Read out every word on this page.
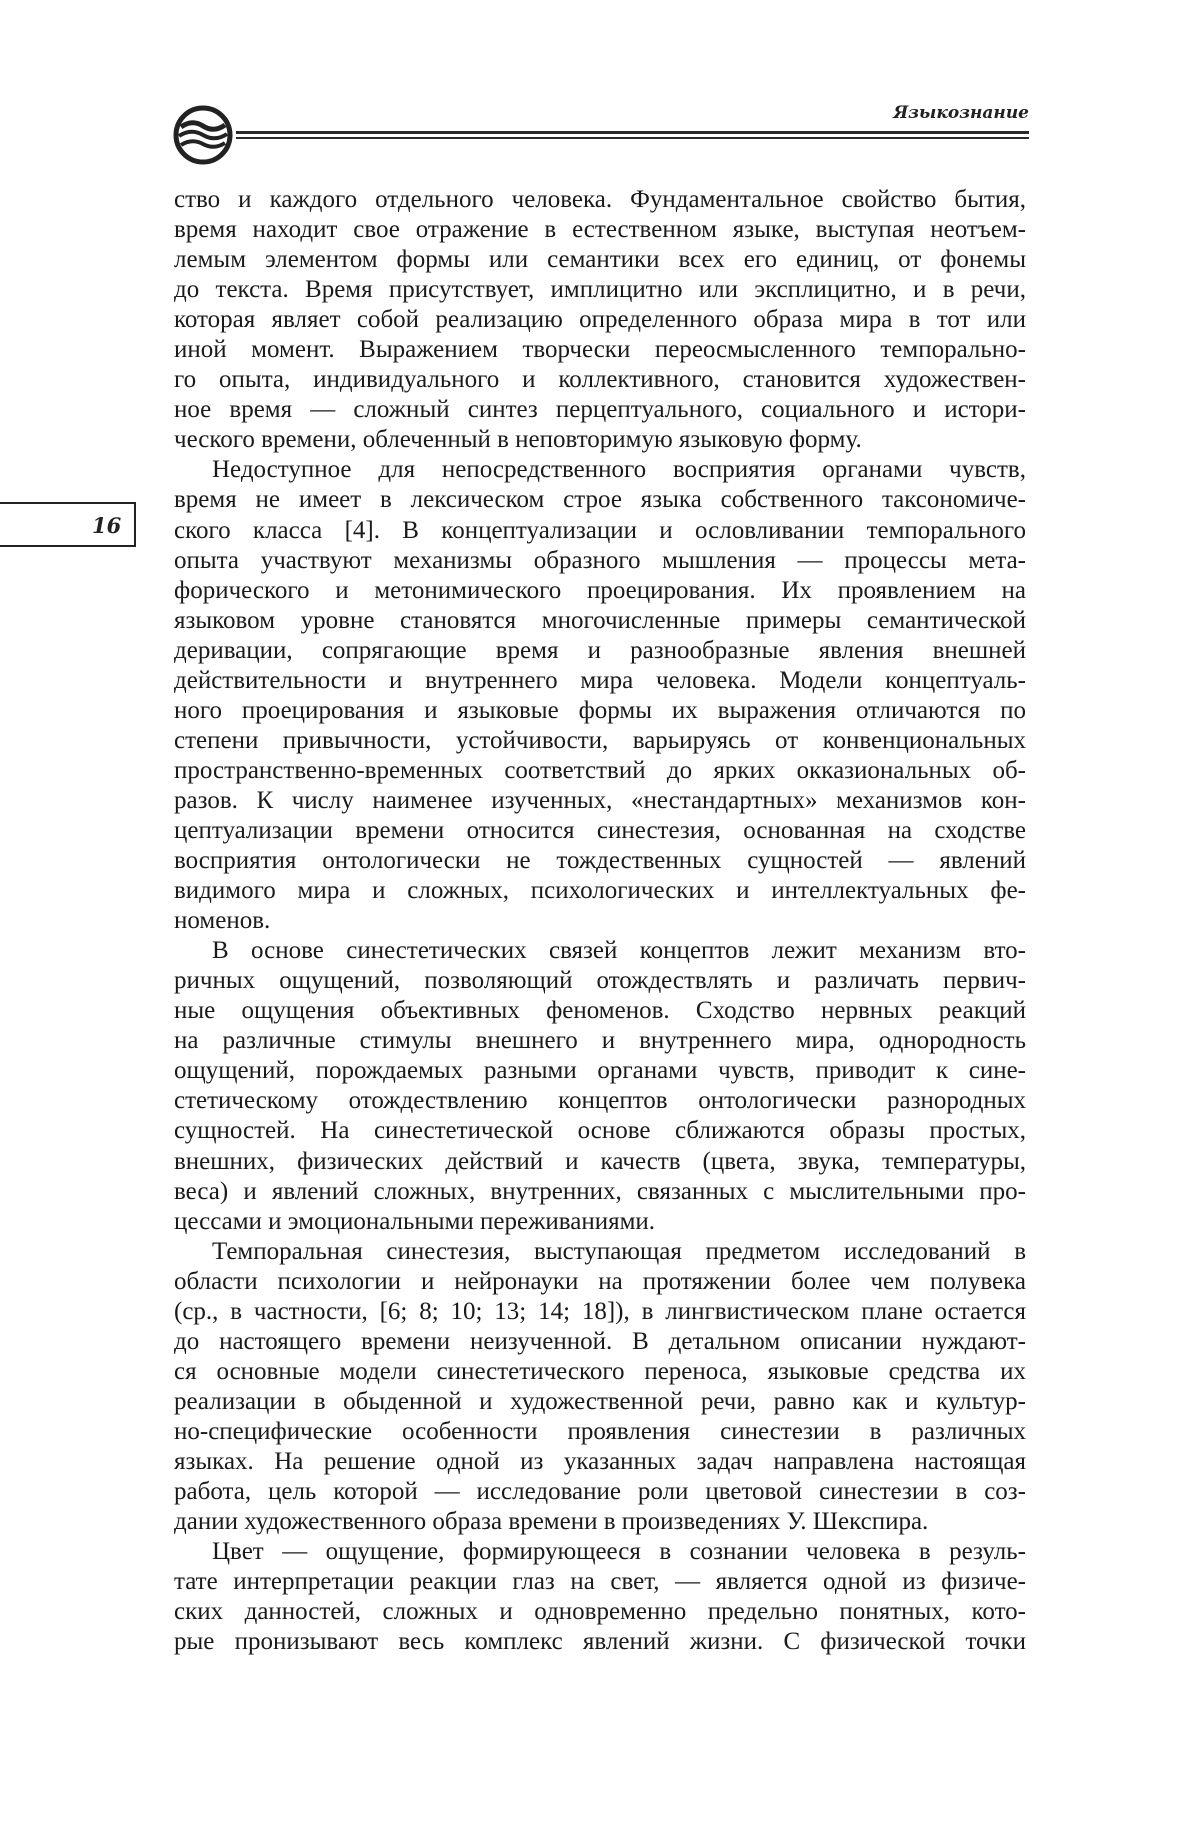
Языкознание
16
ство и каждого отдельного человека. Фундаментальное свойство бытия,
время находит свое отражение в естественном языке, выступая неотъем-
лемым элементом формы или семантики всех его единиц, от фонемы
до текста. Время присутствует, имплицитно или эксплицитно, и в речи,
которая являет собой реализацию определенного образа мира в тот или
иной момент. Выражением творчески переосмысленного темпорально-
го опыта, индивидуального и коллективного, становится художествен-
ное время — сложный синтез перцептуального, социального и истори-
ческого времени, облеченный в неповторимую языковую форму.
Недоступное для непосредственного восприятия органами чувств,
время не имеет в лексическом строе языка собственного таксономиче-
ского класса [4]. В концептуализации и ословливании темпорального
опыта участвуют механизмы образного мышления — процессы мета-
форического и метонимического проецирования. Их проявлением на
языковом уровне становятся многочисленные примеры семантической
деривации, сопрягающие время и разнообразные явления внешней
действительности и внутреннего мира человека. Модели концептуаль-
ного проецирования и языковые формы их выражения отличаются по
степени привычности, устойчивости, варьируясь от конвенциональных
пространственно-временных соответствий до ярких окказиональных об-
разов. К числу наименее изученных, «нестандартных» механизмов кон-
цептуализации времени относится синестезия, основанная на сходстве
восприятия онтологически не тождественных сущностей — явлений
видимого мира и сложных, психологических и интеллектуальных фе-
номенов.
В основе синестетических связей концептов лежит механизм вто-
ричных ощущений, позволяющий отождествлять и различать первич-
ные ощущения объективных феноменов. Сходство нервных реакций
на различные стимулы внешнего и внутреннего мира, однородность
ощущений, порождаемых разными органами чувств, приводит к сине-
стетическому отождествлению концептов онтологически разнородных
сущностей. На синестетической основе сближаются образы простых,
внешних, физических действий и качеств (цвета, звука, температуры,
веса) и явлений сложных, внутренних, связанных с мыслительными про-
цессами и эмоциональными переживаниями.
Темпоральная синестезия, выступающая предметом исследований в
области психологии и нейронауки на протяжении более чем полувека
(ср., в частности, [6; 8; 10; 13; 14; 18]), в лингвистическом плане остается
до настоящего времени неизученной. В детальном описании нуждают-
ся основные модели синестетического переноса, языковые средства их
реализации в обыденной и художественной речи, равно как и культур-
но-специфические особенности проявления синестезии в различных
языках. На решение одной из указанных задач направлена настоящая
работа, цель которой — исследование роли цветовой синестезии в соз-
дании художественного образа времени в произведениях У. Шекспира.
Цвет — ощущение, формирующееся в сознании человека в резуль-
тате интерпретации реакции глаз на свет, — является одной из физиче-
ских данностей, сложных и одновременно предельно понятных, кото-
рые пронизывают весь комплекс явлений жизни. С физической точки
